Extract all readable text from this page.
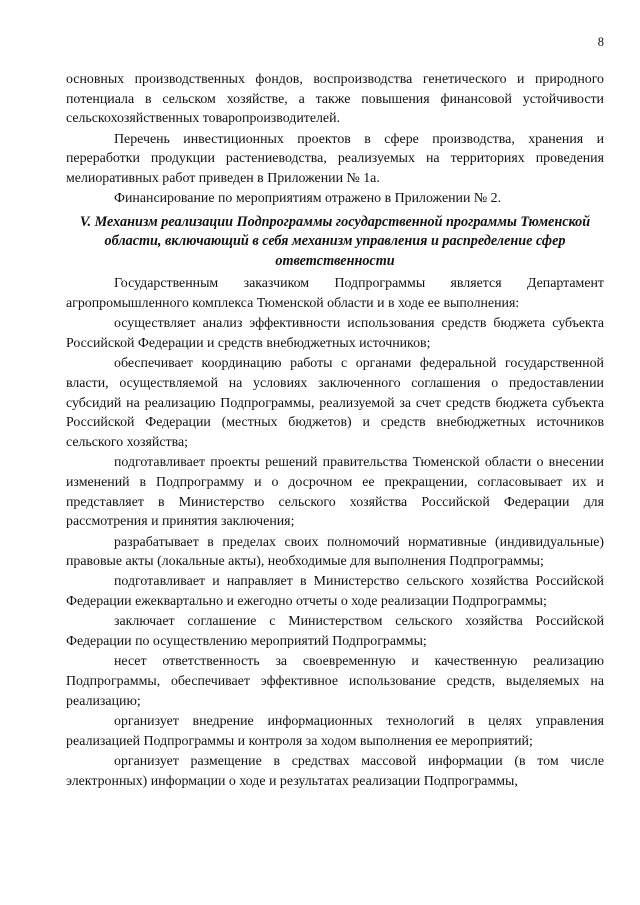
8

основных производственных фондов, воспроизводства генетического и природного потенциала в сельском хозяйстве, а также повышения финансовой устойчивости сельскохозяйственных товаропроизводителей.

Перечень инвестиционных проектов в сфере производства, хранения и переработки продукции растениеводства, реализуемых на территориях проведения мелиоративных работ приведен в Приложении № 1а.

Финансирование по мероприятиям отражено в Приложении № 2.

V. Механизм реализации Подпрограммы государственной программы Тюменской области, включающий в себя механизм управления и распределение сфер ответственности

Государственным заказчиком Подпрограммы является Департамент агропромышленного комплекса Тюменской области и в ходе ее выполнения:

осуществляет анализ эффективности использования средств бюджета субъекта Российской Федерации и средств внебюджетных источников;

обеспечивает координацию работы с органами федеральной государственной власти, осуществляемой на условиях заключенного соглашения о предоставлении субсидий на реализацию Подпрограммы, реализуемой за счет средств бюджета субъекта Российской Федерации (местных бюджетов) и средств внебюджетных источников сельского хозяйства;

подготавливает проекты решений правительства Тюменской области о внесении изменений в Подпрограмму и о досрочном ее прекращении, согласовывает их и представляет в Министерство сельского хозяйства Российской Федерации для рассмотрения и принятия заключения;

разрабатывает в пределах своих полномочий нормативные (индивидуальные) правовые акты (локальные акты), необходимые для выполнения Подпрограммы;

подготавливает и направляет в Министерство сельского хозяйства Российской Федерации ежеквартально и ежегодно отчеты о ходе реализации Подпрограммы;

заключает соглашение с Министерством сельского хозяйства Российской Федерации по осуществлению мероприятий Подпрограммы;

несет ответственность за своевременную и качественную реализацию Подпрограммы, обеспечивает эффективное использование средств, выделяемых на реализацию;

организует внедрение информационных технологий в целях управления реализацией Подпрограммы и контроля за ходом выполнения ее мероприятий;

организует размещение в средствах массовой информации (в том числе электронных) информации о ходе и результатах реализации Подпрограммы,
